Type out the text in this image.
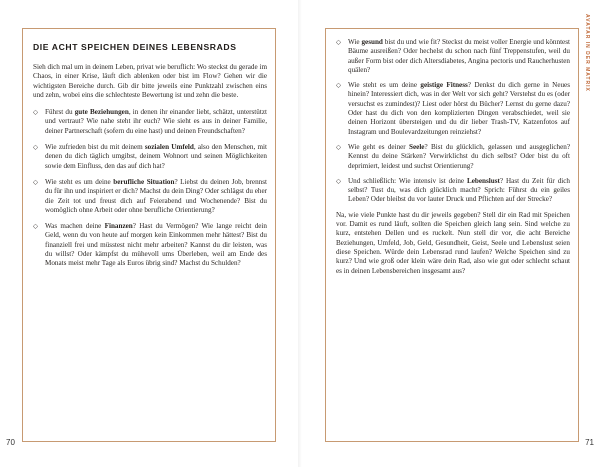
DIE ACHT SPEICHEN DEINES LEBENSRADS

Sieh dich mal um in deinem Leben, privat wie beruflich: Wo steckst du gerade im Chaos, in einer Krise, läuft dich ablenken oder bist im Flow? Gehen wir die wichtigsten Bereiche durch. Gib dir bitte jeweils eine Punktzahl zwischen eins und zehn, wobei eins die schlechteste Bewertung ist und zehn die beste.

◇ Führst du gute Beziehungen, in denen ihr einander liebt, schätzt, unterstützt und vertraut? Wie nahe steht ihr euch? Wie sieht es aus in deiner Familie, deiner Partnerschaft (sofern du eine hast) und deinen Freundschaften?

◇ Wie zufrieden bist du mit deinem sozialen Umfeld, also den Menschen, mit denen du dich täglich umgibst, deinem Wohnort und seinen Möglichkeiten sowie dem Einfluss, den das auf dich hat?

◇ Wie steht es um deine berufliche Situation? Liebst du deinen Job, brennst du für ihn und inspiriert er dich? Machst du dein Ding? Oder schlägst du eher die Zeit tot und freust dich auf Feierabend und Wochenende? Bist du womöglich ohne Arbeit oder ohne berufliche Orientierung?

◇ Was machen deine Finanzen? Hast du Vermögen? Wie lange reicht dein Geld, wenn du von heute auf morgen kein Einkommen mehr hättest? Bist du finanziell frei und müsstest nicht mehr arbeiten? Kannst du dir leisten, was du willst? Oder kämpfst du mühevoll ums Überleben, weil am Ende des Monats meist mehr Tage als Euros übrig sind? Machst du Schulden?

70
AVATAR IN DER MATRIX
◇ Wie gesund bist du und wie fit? Steckst du meist voller Energie und könntest Bäume ausreißen? Oder hechelst du schon nach fünf Treppenstufen, weil du außer Form bist oder dich Altersdiabetes, Angina pectoris und Raucherhusten quälen?

◇ Wie steht es um deine geistige Fitness? Denkst du dich gerne in Neues hinein? Interessiert dich, was in der Welt vor sich geht? Verstehst du es (oder versuchst es zumindest)? Liest oder hörst du Bücher? Lernst du gerne dazu? Oder hast du dich von den komplizierten Dingen verabschiedet, weil sie deinen Horizont übersteigen und du dir lieber Trash-TV, Katzenfotos auf Instagram und Boulevardzeitungen reinziehst?

◇ Wie geht es deiner Seele? Bist du glücklich, gelassen und ausgeglichen? Kennst du deine Stärken? Verwirklichst du dich selbst? Oder bist du oft deprimiert, leidest und suchst Orientierung?

◇ Und schließlich: Wie intensiv ist deine Lebenslust? Hast du Zeit für dich selbst? Tust du, was dich glücklich macht? Sprich: Führst du ein geiles Leben? Oder bleibst du vor lauter Druck und Pflichten auf der Strecke?

Na, wie viele Punkte hast du dir jeweils gegeben? Stell dir ein Rad mit Speichen vor. Damit es rund läuft, sollten die Speichen gleich lang sein. Sind welche zu kurz, entstehen Dellen und es ruckelt. Nun stell dir vor, die acht Bereiche Beziehungen, Umfeld, Job, Geld, Gesundheit, Geist, Seele und Lebenslust seien diese Speichen. Würde dein Lebensrad rund laufen? Welche Speichen sind zu kurz? Und wie groß oder klein wäre dein Rad, also wie gut oder schlecht schaut es in deinen Lebensbereichen insgesamt aus?

71
